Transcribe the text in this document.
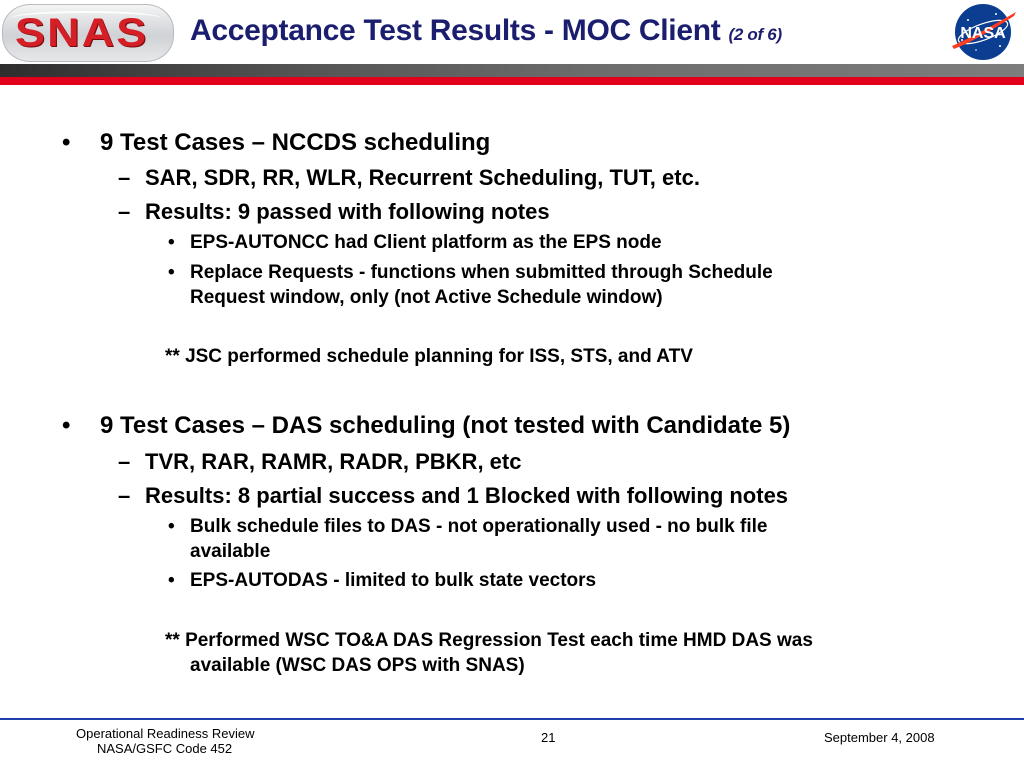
SNAS Acceptance Test Results - MOC Client (2 of 6)	NASA
• 9 Test Cases – NCCDS scheduling
– SAR, SDR, RR, WLR, Recurrent Scheduling, TUT, etc.
– Results: 9 passed with following notes
• EPS-AUTONCC had Client platform as the EPS node
• Replace Requests - functions when submitted through Schedule
Request window, only (not Active Schedule window)
** JSC performed schedule planning for ISS, STS, and ATV
• 9 Test Cases – DAS scheduling (not tested with Candidate 5)
– TVR, RAR, RAMR, RADR, PBKR, etc
– Results: 8 partial success and 1 Blocked with following notes
• Bulk schedule files to DAS - not operationally used - no bulk file
available
• EPS-AUTODAS - limited to bulk state vectors
** Performed WSC TO&A DAS Regression Test each time HMD DAS was
available (WSC DAS OPS with SNAS)
Operational Readiness Review
NASA/GSFC Code 452
21	September 4, 2008
